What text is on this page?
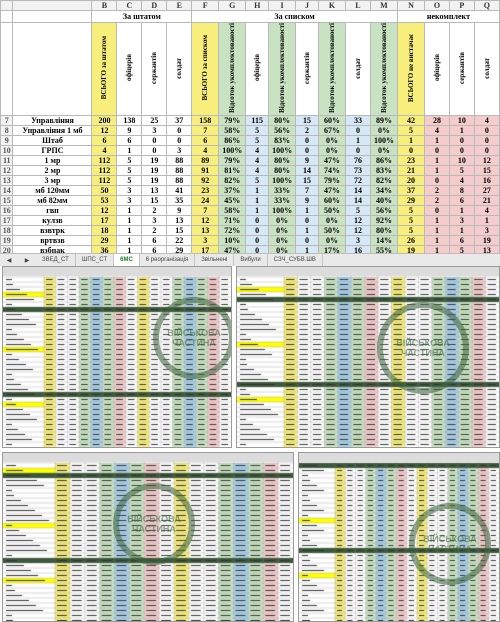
		B	C	D	E	F	G	H	I	J	K	L	M	N	O	P	Q
		За штатом				За списком								некомплект			
		ВСЬОГО за штатом	офіцерів	сержантів	солдат	ВСЬОГО за списком	Відсоток укомплектованості	офіцерів	Відсоток укомплектованості	сержантів	Відсоток укомплектованості	солдат	Відсоток укомплектованості	ВСЬОГО не вистачає	офіцерів	сержантів	солдат
7	Управління	200	138	25	37	158	79%	115	80%	15	60%	33	89%	42	28	10	4
8	Управління 1 мб	12	9	3	0	7	58%	5	56%	2	67%	0	0%	5	4	1	0
9	Штаб	6	6	0	0	6	86%	5	83%	0	0%	1	100%	1	1	0	0
10	ГРПС	4	1	0	3	4	100%	4	100%	0	0%	0	0%	0	0	0	0
11	1 мр	112	5	19	88	89	79%	4	80%	9	47%	76	86%	23	1	10	12
12	2 мр	112	5	19	88	91	81%	4	80%	14	74%	73	83%	21	1	5	15
13	3 мр	112	5	19	88	92	82%	5	100%	15	79%	72	82%	20	0	4	16
14	мб 120мм	50	3	13	41	23	37%	1	33%	7	47%	14	34%	37	2	8	27
15	мб 82мм	53	3	15	35	24	45%	1	33%	9	60%	14	40%	29	2	6	21
16	гвп	12	1	2	9	7	58%	1	100%	1	50%	5	56%	5	0	1	4
17	кулзв	17	1	3	13	12	71%	0	0%	0	0%	12	92%	5	1	3	1
18	взвтрк	18	1	2	15	13	72%	0	0%	1	50%	12	80%	5	1	1	3
19	вртвзв	29	1	6	22	3	10%	0	0%	0	0%	3	14%	26	1	6	19
20	взбпак	36	1	6	29	17	47%	0	0%	1	17%	16	55%	19	1	5	13

◀	▶	ЗВЕД_СТ	ШПС_СТ	6МС	6 реорганізація	Звільнені	Вибули	СЗЧ_СУБВ.ШВ
ВІЙСЬКОВА ЧАСТИНА	ВІЙСЬКОВА ЧАСТИНА
ВІЙСЬКОВА ЧАСТИНА
ВІЙСЬКОВА ЧАСТИНА
